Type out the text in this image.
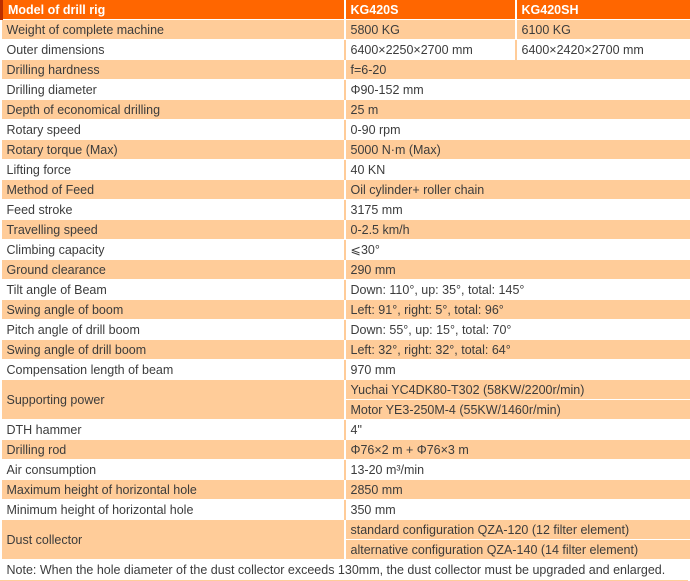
Model of drill rig	KG420S	KG420SH
Weight of complete machine	5800 KG	6100 KG
Outer dimensions	6400×2250×2700 mm	6400×2420×2700 mm
Drilling hardness	f=6-20	
Drilling diameter	Φ90-152 mm	
Depth of economical drilling	25 m	
Rotary speed	0-90 rpm	
Rotary torque (Max)	5000 N·m (Max)	
Lifting force	40 KN	
Method of Feed	Oil cylinder+ roller chain	
Feed stroke	3175 mm	
Travelling speed	0-2.5 km/h	
Climbing capacity	⩽30°	
Ground clearance	290 mm	
Tilt angle of Beam	Down: 110°, up: 35°, total: 145°	
Swing angle of boom	Left: 91°, right: 5°, total: 96°	
Pitch angle of drill boom	Down: 55°, up: 15°, total: 70°	
Swing angle of drill boom	Left: 32°, right: 32°, total: 64°	
Compensation length of beam	970 mm	
Supporting power	Yuchai YC4DK80-T302 (58KW/2200r/min)	
	Motor YE3-250M-4 (55KW/1460r/min)	
DTH hammer	4"	
Drilling rod	Φ76×2 m + Φ76×3 m	
Air consumption	13-20 m³/min	
Maximum height of horizontal hole	2850 mm	
Minimum height of horizontal hole	350 mm	
Dust collector	standard configuration QZA-120 (12 filter element)	
	alternative configuration QZA-140 (14 filter element)	
Note: When the hole diameter of the dust collector exceeds 130mm, the dust collector must be upgraded and enlarged.		
